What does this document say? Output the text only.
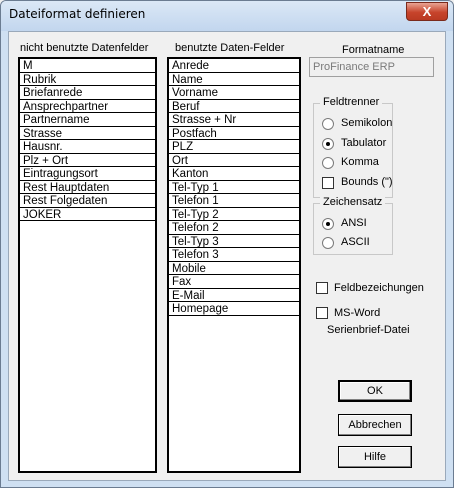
Dateiformat definieren	X
nicht benutzte Datenfelder
M
Rubrik
Briefanrede
Ansprechpartner
Partnername
Strasse
Hausnr.
Plz + Ort
Eintragungsort
Rest Hauptdaten
Rest Folgedaten
JOKER
benutzte Daten-Felder
Anrede
Name
Vorname
Beruf
Strasse + Nr
Postfach
PLZ
Ort
Kanton
Tel-Typ 1
Telefon 1
Tel-Typ 2
Telefon 2
Tel-Typ 3
Telefon 3
Mobile
Fax
E-Mail
Homepage
Formatname
ProFinance ERP
Feldtrenner
Semikolon
Tabulator
Komma
Bounds (")
Zeichensatz
ANSI
ASCII
Feldbezeichungen
MS-Word
Serienbrief-Datei
OK
Abbrechen
Hilfe
